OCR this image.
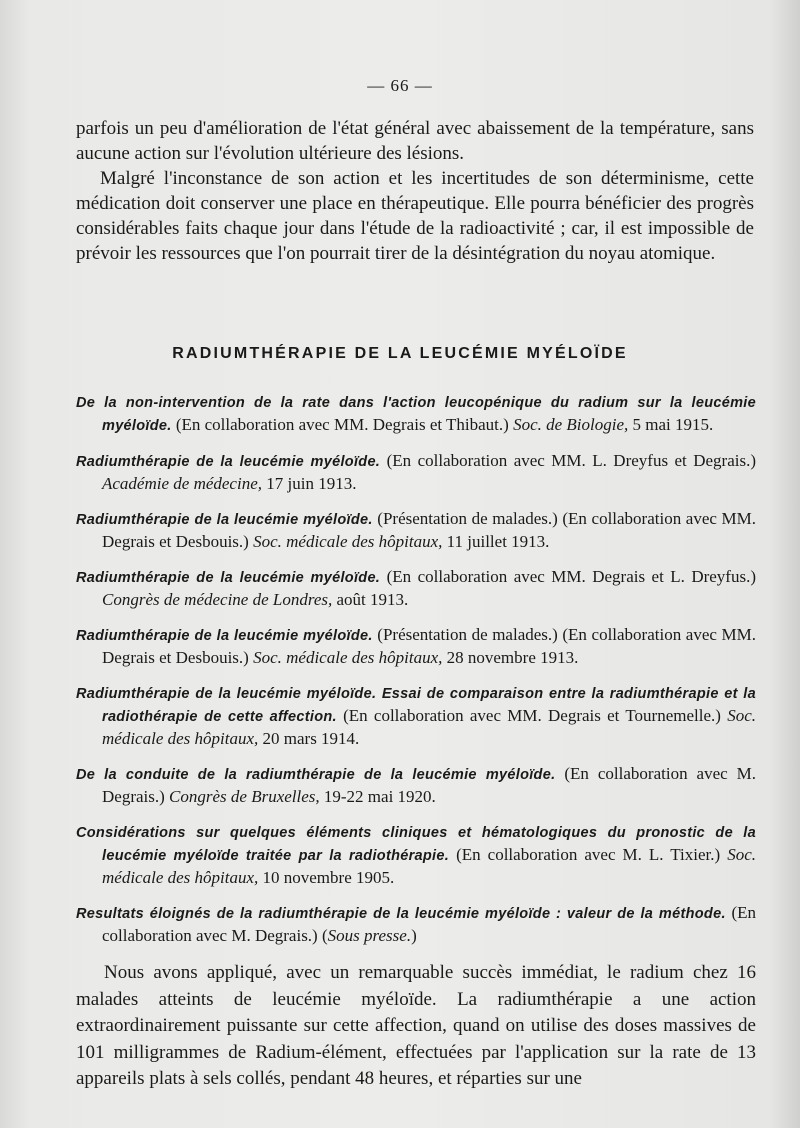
— 66 —

parfois un peu d'amélioration de l'état général avec abaissement de la température, sans aucune action sur l'évolution ultérieure des lésions.

Malgré l'inconstance de son action et les incertitudes de son déterminisme, cette médication doit conserver une place en thérapeutique. Elle pourra bénéficier des progrès considérables faits chaque jour dans l'étude de la radioactivité ; car, il est impossible de prévoir les ressources que l'on pourrait tirer de la désintégration du noyau atomique.

RADIUMTHÉRAPIE DE LA LEUCÉMIE MYÉLOÏDE
De la non-intervention de la rate dans l'action leucopénique du radium sur la leucémie myéloïde. (En collaboration avec MM. Degrais et Thibaut.) Soc. de Biologie, 5 mai 1915.
Radiumthérapie de la leucémie myéloïde. (En collaboration avec MM. L. Dreyfus et Degrais.) Académie de médecine, 17 juin 1913.
Radiumthérapie de la leucémie myéloïde. (Présentation de malades.) (En collaboration avec MM. Degrais et Desbouis.) Soc. médicale des hôpitaux, 11 juillet 1913.
Radiumthérapie de la leucémie myéloïde. (En collaboration avec MM. Degrais et L. Dreyfus.) Congrès de médecine de Londres, août 1913.
Radiumthérapie de la leucémie myéloïde. (Présentation de malades.) (En collaboration avec MM. Degrais et Desbouis.) Soc. médicale des hôpitaux, 28 novembre 1913.
Radiumthérapie de la leucémie myéloïde. Essai de comparaison entre la radiumthérapie et la radiothérapie de cette affection. (En collaboration avec MM. Degrais et Tournemelle.) Soc. médicale des hôpitaux, 20 mars 1914.
De la conduite de la radiumthérapie de la leucémie myéloïde. (En collaboration avec M. Degrais.) Congrès de Bruxelles, 19-22 mai 1920.
Considérations sur quelques éléments cliniques et hématologiques du pronostic de la leucémie myéloïde traitée par la radiothérapie. (En collaboration avec M. L. Tixier.) Soc. médicale des hôpitaux, 10 novembre 1905.
Resultats éloignés de la radiumthérapie de la leucémie myéloïde : valeur de la méthode. (En collaboration avec M. Degrais.) (Sous presse.)

Nous avons appliqué, avec un remarquable succès immédiat, le radium chez 16 malades atteints de leucémie myéloïde. La radiumthérapie a une action extraordinairement puissante sur cette affection, quand on utilise des doses massives de 101 milligrammes de Radium-élément, effectuées par l'application sur la rate de 13 appareils plats à sels collés, pendant 48 heures, et réparties sur une
